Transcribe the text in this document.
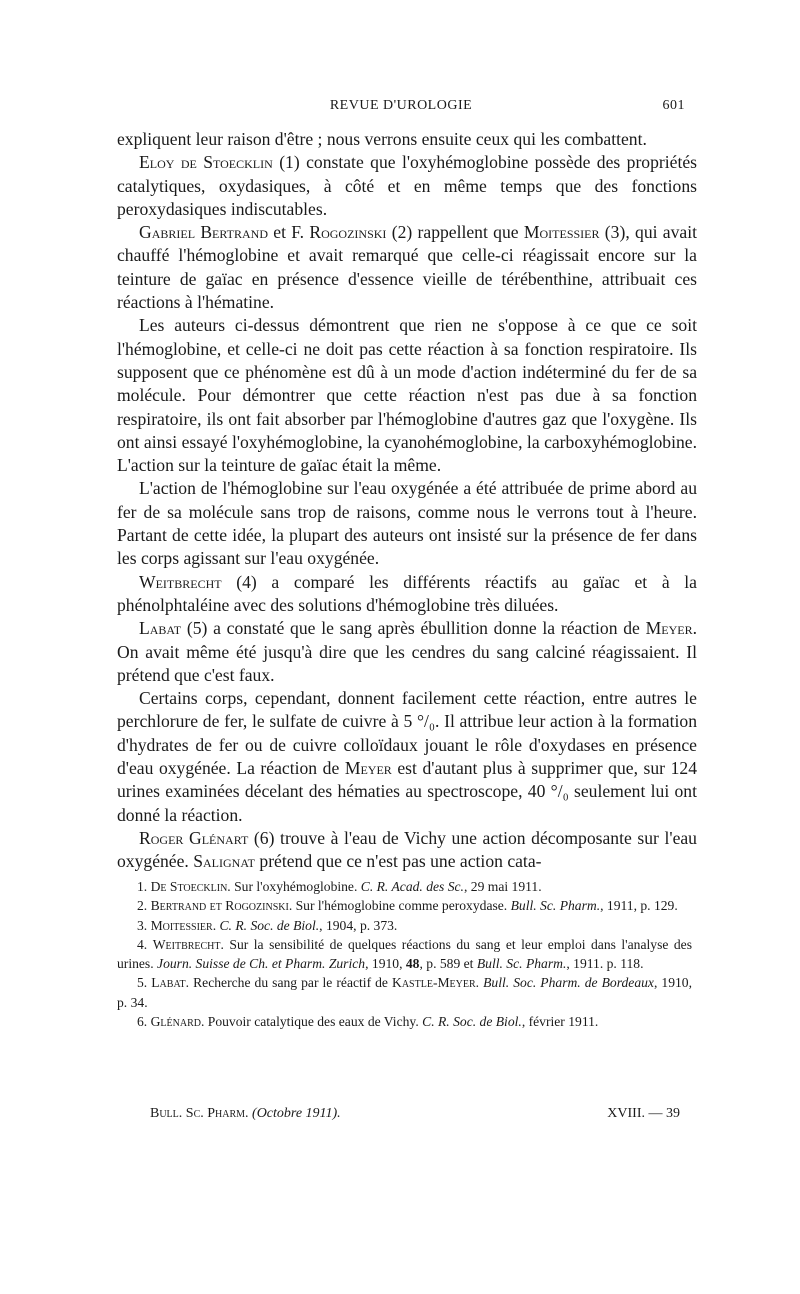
REVUE D'UROLOGIE	601

expliquent leur raison d'être ; nous verrons ensuite ceux qui les combattent.

Eloy de Stoecklin (1) constate que l'oxyhémoglobine possède des propriétés catalytiques, oxydasiques, à côté et en même temps que des fonctions peroxydasiques indiscutables.

Gabriel Bertrand et F. Rogozinski (2) rappellent que Moitessier (3), qui avait chauffé l'hémoglobine et avait remarqué que celle-ci réagissait encore sur la teinture de gaïac en présence d'essence vieille de térébenthine, attribuait ces réactions à l'hématine.

Les auteurs ci-dessus démontrent que rien ne s'oppose à ce que ce soit l'hémoglobine, et celle-ci ne doit pas cette réaction à sa fonction respiratoire. Ils supposent que ce phénomène est dû à un mode d'action indéterminé du fer de sa molécule. Pour démontrer que cette réaction n'est pas due à sa fonction respiratoire, ils ont fait absorber par l'hémoglobine d'autres gaz que l'oxygène. Ils ont ainsi essayé l'oxyhémoglobine, la cyanohémoglobine, la carboxyhémoglobine. L'action sur la teinture de gaïac était la même.

L'action de l'hémoglobine sur l'eau oxygénée a été attribuée de prime abord au fer de sa molécule sans trop de raisons, comme nous le verrons tout à l'heure. Partant de cette idée, la plupart des auteurs ont insisté sur la présence de fer dans les corps agissant sur l'eau oxygénée.

Weitbrecht (4) a comparé les différents réactifs au gaïac et à la phénolphtaléine avec des solutions d'hémoglobine très diluées.

Labat (5) a constaté que le sang après ébullition donne la réaction de Meyer. On avait même été jusqu'à dire que les cendres du sang calciné réagissaient. Il prétend que c'est faux.

Certains corps, cependant, donnent facilement cette réaction, entre autres le perchlorure de fer, le sulfate de cuivre à 5 °/₀. Il attribue leur action à la formation d'hydrates de fer ou de cuivre colloïdaux jouant le rôle d'oxydases en présence d'eau oxygénée. La réaction de Meyer est d'autant plus à supprimer que, sur 124 urines examinées décelant des hématies au spectroscope, 40 °/₀ seulement lui ont donné la réaction.

Roger Glénart (6) trouve à l'eau de Vichy une action décomposante sur l'eau oxygénée. Salignat prétend que ce n'est pas une action cata-

1. De Stoecklin. Sur l'oxyhémoglobine. C. R. Acad. des Sc., 29 mai 1911.

2. Bertrand et Rogozinski. Sur l'hémoglobine comme peroxydase. Bull. Sc. Pharm., 1911, p. 129.

3. Moitessier. C. R. Soc. de Biol., 1904, p. 373.

4. Weitbrecht. Sur la sensibilité de quelques réactions du sang et leur emploi dans l'analyse des urines. Journ. Suisse de Ch. et Pharm. Zurich, 1910, 48, p. 589 et Bull. Sc. Pharm., 1911. p. 118.

5. Labat. Recherche du sang par le réactif de Kastle-Meyer. Bull. Soc. Pharm. de Bordeaux, 1910, p. 34.

6. Glénard. Pouvoir catalytique des eaux de Vichy. C. R. Soc. de Biol., février 1911.

Bull. Sc. Pharm. (Octobre 1911).	XVIII. — 39
